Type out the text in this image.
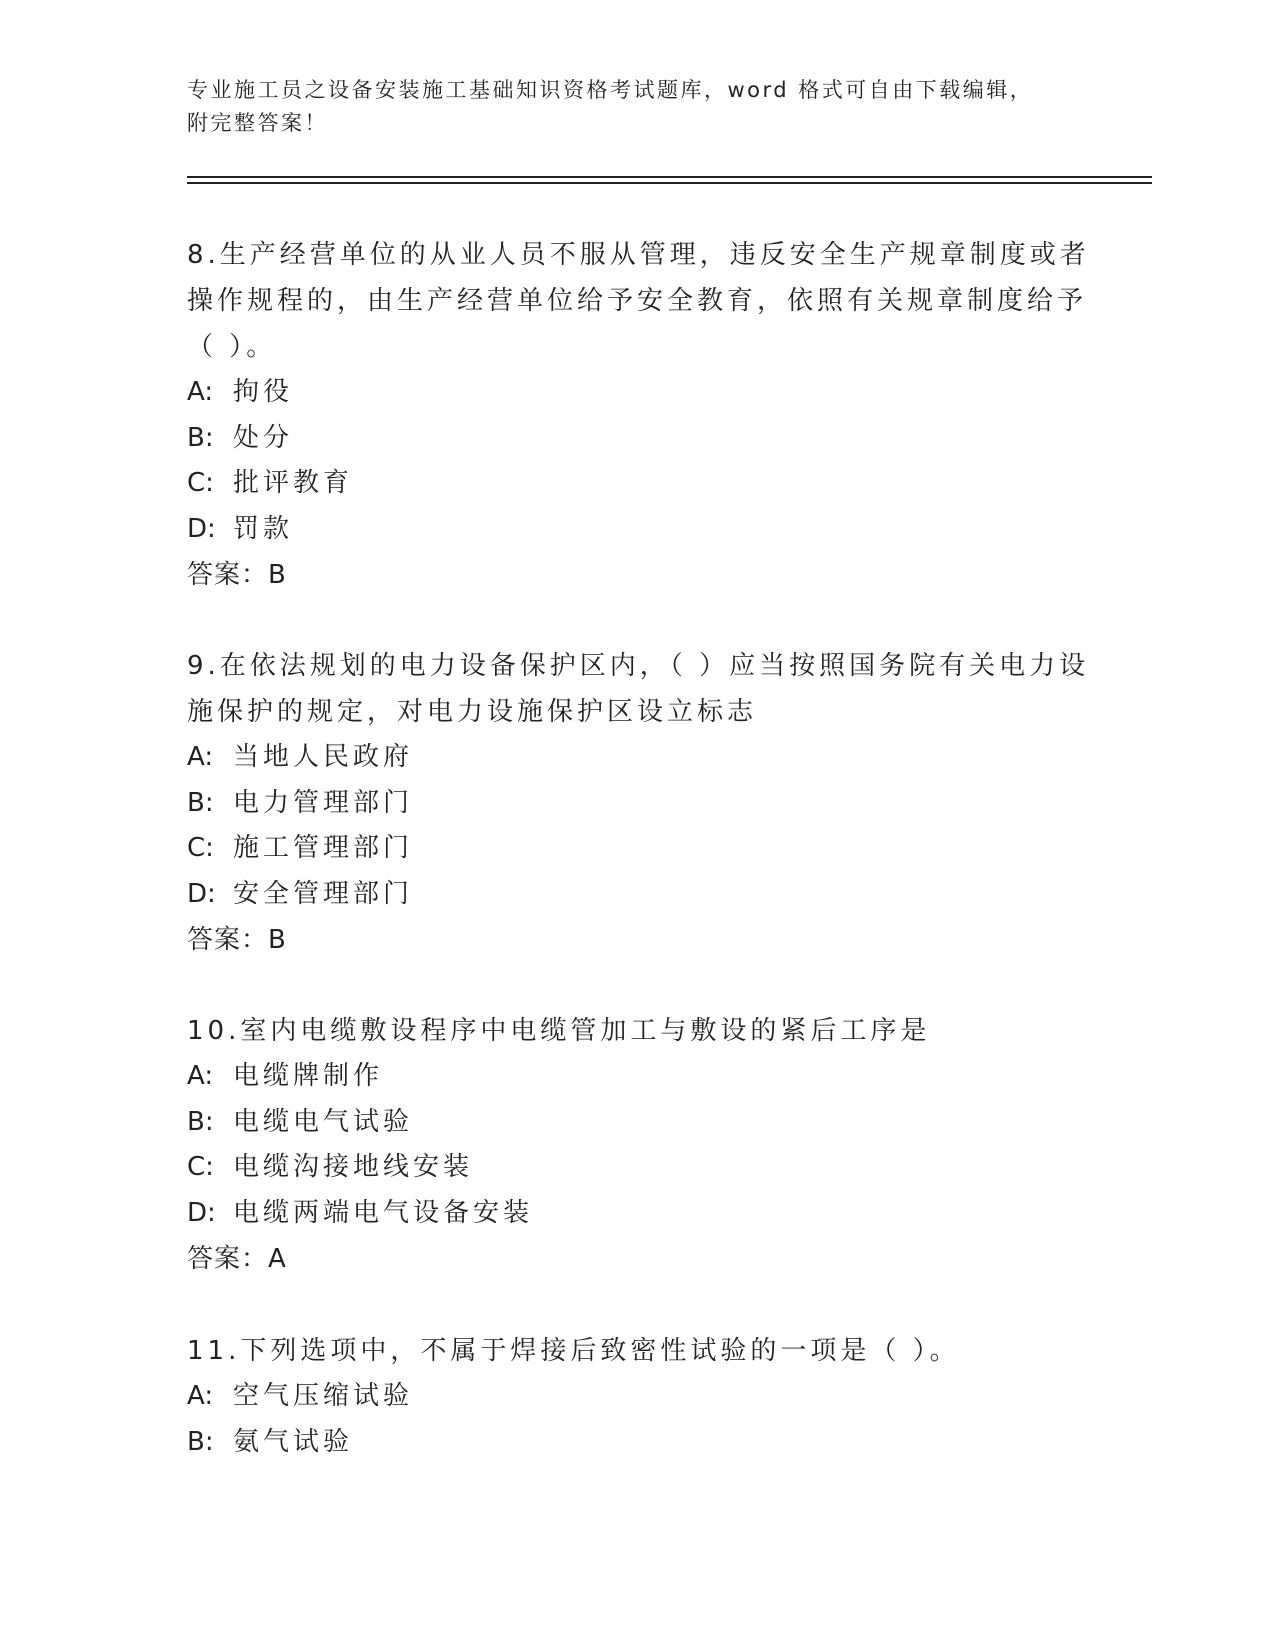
专业施工员之设备安装施工基础知识资格考试题库，word 格式可自由下载编辑，
附完整答案！
8.生产经营单位的从业人员不服从管理，违反安全生产规章制度或者
操作规程的，由生产经营单位给予安全教育，依照有关规章制度给予
（ ）。
A: 拘役
B: 处分
C: 批评教育
D: 罚款
答案：B
9.在依法规划的电力设备保护区内，（ ）应当按照国务院有关电力设
施保护的规定，对电力设施保护区设立标志
A: 当地人民政府
B: 电力管理部门
C: 施工管理部门
D: 安全管理部门
答案：B
10.室内电缆敷设程序中电缆管加工与敷设的紧后工序是
A: 电缆牌制作
B: 电缆电气试验
C: 电缆沟接地线安装
D: 电缆两端电气设备安装
答案：A
11.下列选项中，不属于焊接后致密性试验的一项是（ ）。
A: 空气压缩试验
B: 氨气试验
